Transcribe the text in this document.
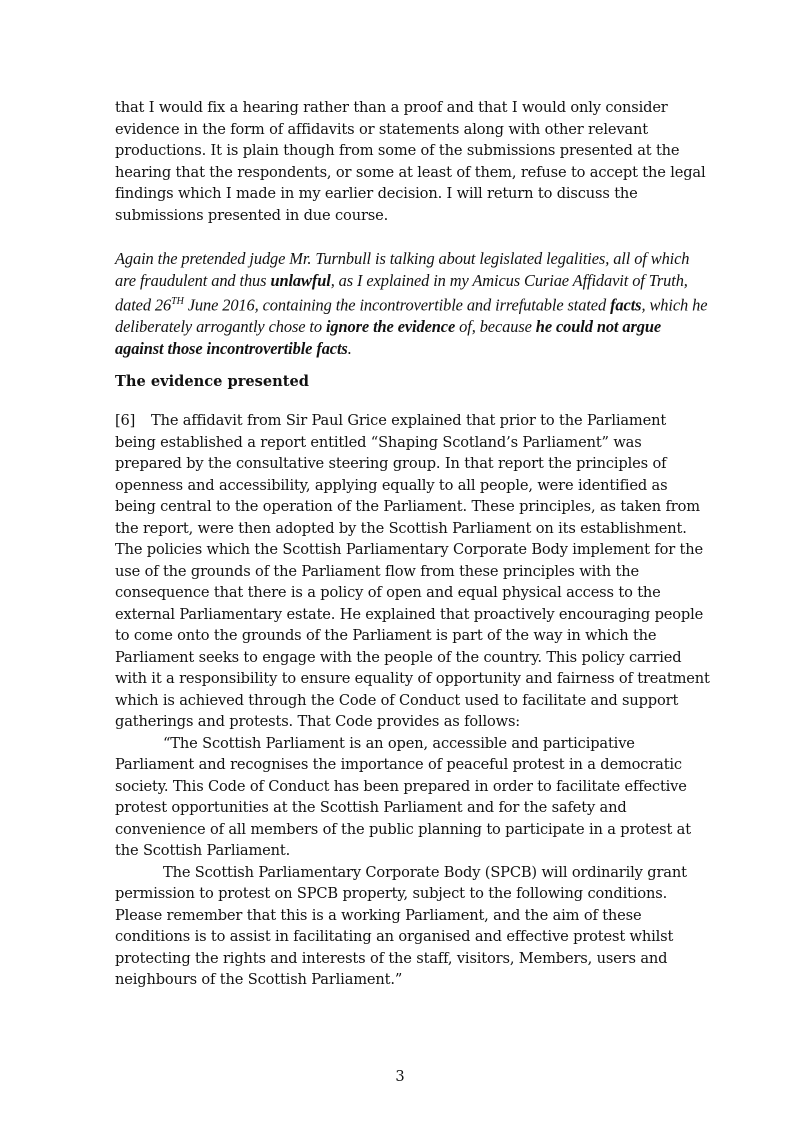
that I would fix a hearing rather than a proof and that I would only consider evidence in the form of affidavits or statements along with other relevant productions. It is plain though from some of the submissions presented at the hearing that the respondents, or some at least of them, refuse to accept the legal findings which I made in my earlier decision. I will return to discuss the submissions presented in due course.

Again the pretended judge Mr. Turnbull is talking about legislated legalities, all of which are fraudulent and thus unlawful, as I explained in my Amicus Curiae Affidavit of Truth, dated 26TH June 2016, containing the incontrovertible and irrefutable stated facts, which he deliberately arrogantly chose to ignore the evidence of, because he could not argue against those incontrovertible facts.

The evidence presented

[6] The affidavit from Sir Paul Grice explained that prior to the Parliament being established a report entitled “Shaping Scotland’s Parliament” was prepared by the consultative steering group. In that report the principles of openness and accessibility, applying equally to all people, were identified as being central to the operation of the Parliament. These principles, as taken from the report, were then adopted by the Scottish Parliament on its establishment. The policies which the Scottish Parliamentary Corporate Body implement for the use of the grounds of the Parliament flow from these principles with the consequence that there is a policy of open and equal physical access to the external Parliamentary estate. He explained that proactively encouraging people to come onto the grounds of the Parliament is part of the way in which the Parliament seeks to engage with the people of the country. This policy carried with it a responsibility to ensure equality of opportunity and fairness of treatment which is achieved through the Code of Conduct used to facilitate and support gatherings and protests. That Code provides as follows:

“The Scottish Parliament is an open, accessible and participative Parliament and recognises the importance of peaceful protest in a democratic society. This Code of Conduct has been prepared in order to facilitate effective protest opportunities at the Scottish Parliament and for the safety and convenience of all members of the public planning to participate in a protest at the Scottish Parliament.

The Scottish Parliamentary Corporate Body (SPCB) will ordinarily grant permission to protest on SPCB property, subject to the following conditions. Please remember that this is a working Parliament, and the aim of these conditions is to assist in facilitating an organised and effective protest whilst protecting the rights and interests of the staff, visitors, Members, users and neighbours of the Scottish Parliament.”

3
